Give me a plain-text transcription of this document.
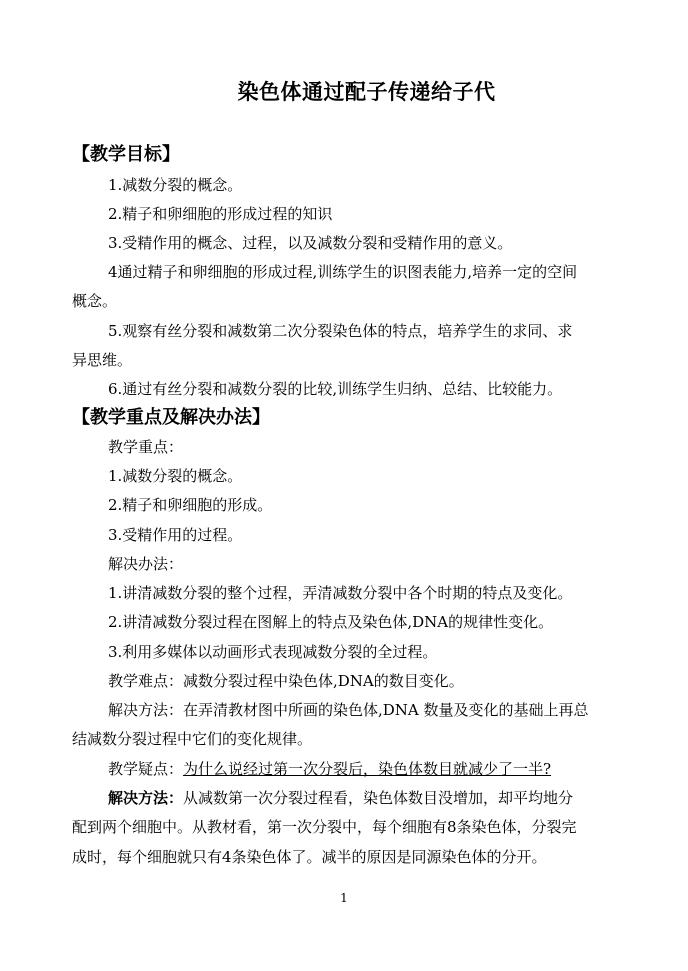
染色体通过配子传递给子代
【教学目标】
1.减数分裂的概念。
2.精子和卵细胞的形成过程的知识
3.受精作用的概念、过程，以及减数分裂和受精作用的意义。
4通过精子和卵细胞的形成过程,训练学生的识图表能力,培养一定的空间
概念。
5.观察有丝分裂和减数第二次分裂染色体的特点，培养学生的求同、求
异思维。
6.通过有丝分裂和减数分裂的比较,训练学生归纳、总结、比较能力。
【教学重点及解决办法】
教学重点：
1.减数分裂的概念。
2.精子和卵细胞的形成。
3.受精作用的过程。
解决办法：
1.讲清减数分裂的整个过程，弄清减数分裂中各个时期的特点及变化。
2.讲清减数分裂过程在图解上的特点及染色体,DNA的规律性变化。
3.利用多媒体以动画形式表现减数分裂的全过程。
教学难点：减数分裂过程中染色体,DNA的数目变化。
解决方法：在弄清教材图中所画的染色体,DNA 数量及变化的基础上再总
结减数分裂过程中它们的变化规律。
教学疑点：为什么说经过第一次分裂后，染色体数目就减少了一半?
解决方法：从减数第一次分裂过程看，染色体数目没增加，却平均地分
配到两个细胞中。从教材看，第一次分裂中，每个细胞有8条染色体，分裂完
成时，每个细胞就只有4条染色体了。减半的原因是同源染色体的分开。
1
